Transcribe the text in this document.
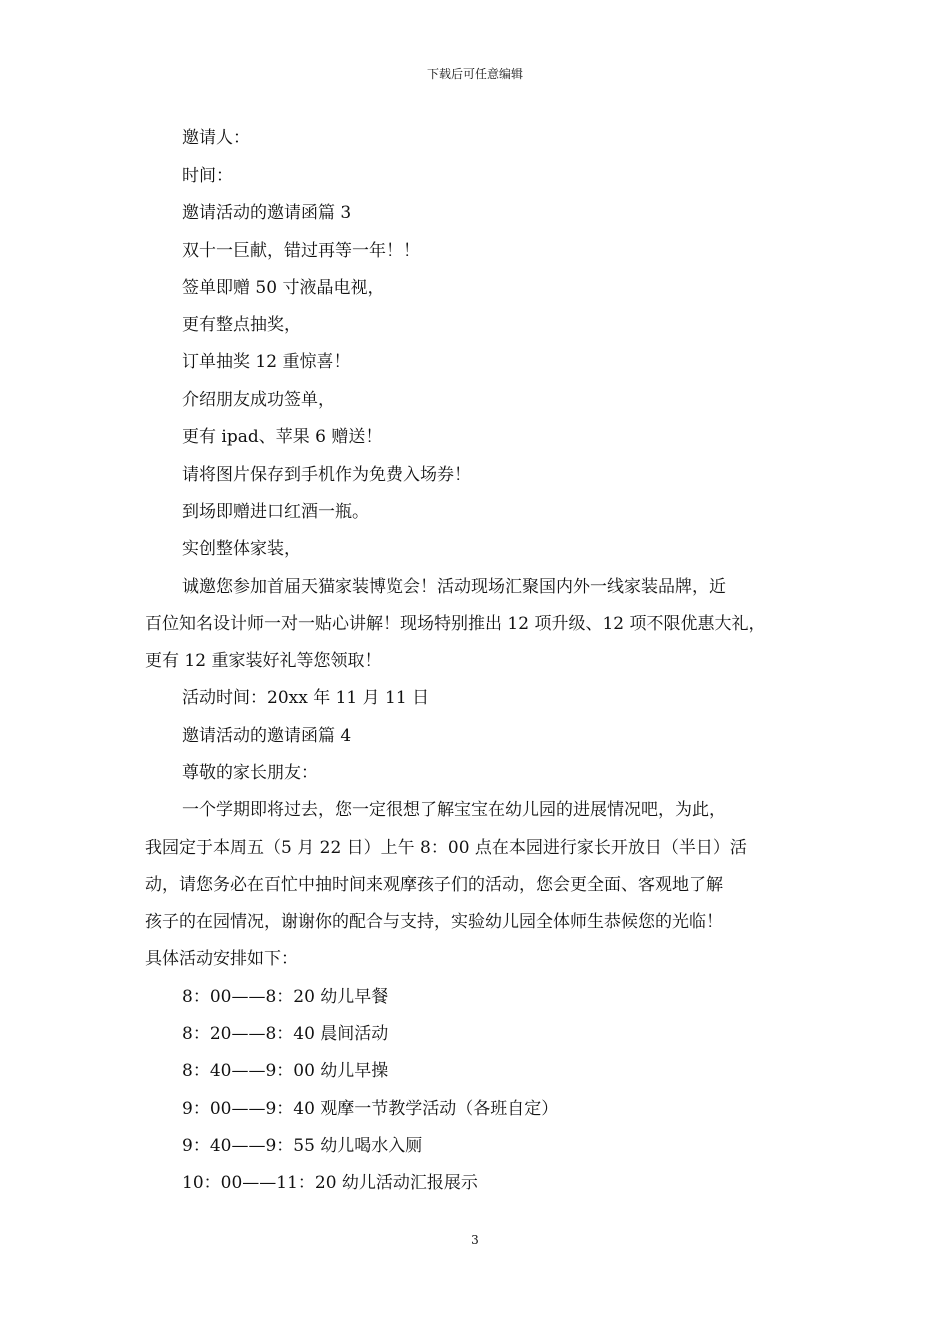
下载后可任意编辑
邀请人：
时间：
邀请活动的邀请函篇 3
双十一巨献，错过再等一年！！
签单即赠 50 寸液晶电视，
更有整点抽奖，
订单抽奖 12 重惊喜！
介绍朋友成功签单，
更有 ipad、苹果 6 赠送！
请将图片保存到手机作为免费入场券！
到场即赠进口红酒一瓶。
实创整体家装，
诚邀您参加首届天猫家装博览会！活动现场汇聚国内外一线家装品牌，近
百位知名设计师一对一贴心讲解！现场特别推出 12 项升级、12 项不限优惠大礼，
更有 12 重家装好礼等您领取！
活动时间：20xx 年 11 月 11 日
邀请活动的邀请函篇 4
尊敬的家长朋友：
一个学期即将过去，您一定很想了解宝宝在幼儿园的进展情况吧，为此，
我园定于本周五（5 月 22 日）上午 8：00 点在本园进行家长开放日（半日）活
动，请您务必在百忙中抽时间来观摩孩子们的活动，您会更全面、客观地了解
孩子的在园情况，谢谢你的配合与支持，实验幼儿园全体师生恭候您的光临！
具体活动安排如下：
8：00——8：20 幼儿早餐
8：20——8：40 晨间活动
8：40——9：00 幼儿早操
9：00——9：40 观摩一节教学活动（各班自定）
9：40——9：55 幼儿喝水入厕
10：00——11：20 幼儿活动汇报展示
3
